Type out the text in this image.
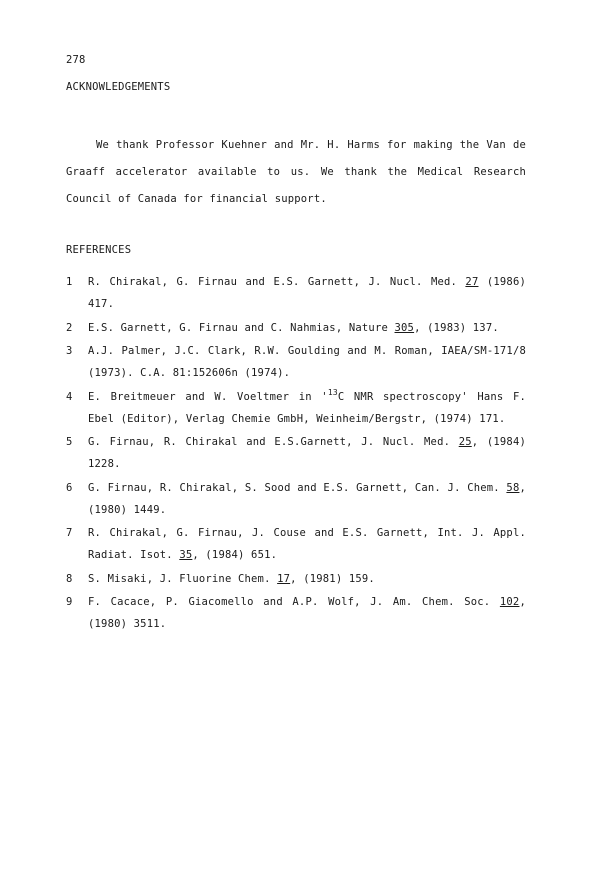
278
ACKNOWLEDGEMENTS

We thank Professor Kuehner and Mr. H. Harms for making the Van de Graaff accelerator available to us. We thank the Medical Research Council of Canada for financial support.

REFERENCES
1 R. Chirakal, G. Firnau and E.S. Garnett, J. Nucl. Med. 27 (1986) 417.
2 E.S. Garnett, G. Firnau and C. Nahmias, Nature 305, (1983) 137.
3 A.J. Palmer, J.C. Clark, R.W. Goulding and M. Roman, IAEA/SM-171/8 (1973). C.A. 81:152606n (1974).
4 E. Breitmeuer and W. Voeltmer in '$^{13}C$ NMR spectroscopy' Hans F. Ebel (Editor), Verlag Chemie GmbH, Weinheim/Bergstr, (1974) 171.
5 G. Firnau, R. Chirakal and E.S.Garnett, J. Nucl. Med. 25, (1984) 1228.
6 G. Firnau, R. Chirakal, S. Sood and E.S. Garnett, Can. J. Chem. 58, (1980) 1449.
7 R. Chirakal, G. Firnau, J. Couse and E.S. Garnett, Int. J. Appl. Radiat. Isot. 35, (1984) 651.
8 S. Misaki, J. Fluorine Chem. 17, (1981) 159.
9 F. Cacace, P. Giacomello and A.P. Wolf, J. Am. Chem. Soc. 102, (1980) 3511.
